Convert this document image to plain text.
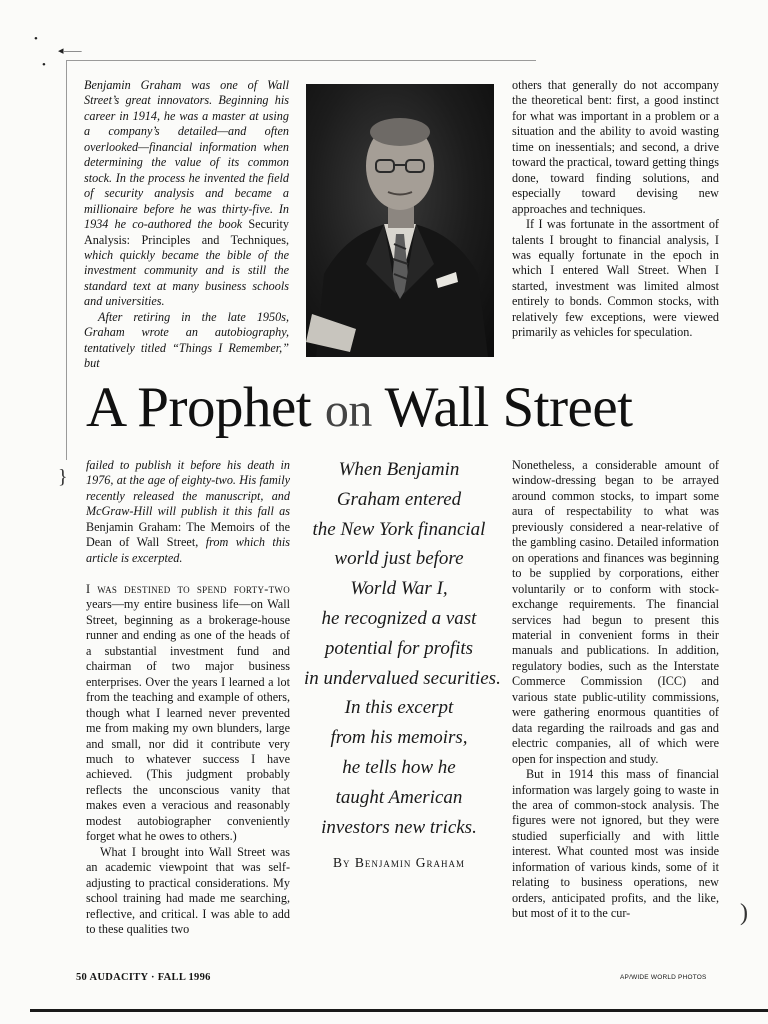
•
◂⸺
•

Benjamin Graham was one of Wall Street’s great innovators. Beginning his career in 1914, he was a master at using a company’s detailed—and often overlooked—financial information when determining the value of its common stock. In the process he invented the field of security analysis and became a millionaire before he was thirty-five. In 1934 he co-authored the book Security Analysis: Principles and Techniques, which quickly became the bible of the investment community and is still the standard text at many business schools and universities.

After retiring in the late 1950s, Graham wrote an autobiography, tentatively titled “Things I Remember,” but

others that generally do not accompany the theoretical bent: first, a good instinct for what was important in a problem or a situation and the ability to avoid wasting time on inessentials; and second, a drive toward the practical, toward getting things done, toward finding solutions, and especially toward devising new approaches and techniques.

If I was fortunate in the assortment of talents I brought to financial analysis, I was equally fortunate in the epoch in which I entered Wall Street. When I started, investment was limited almost entirely to bonds. Common stocks, with relatively few exceptions, were viewed primarily as vehicles for speculation.

A Prophet on Wall Street

failed to publish it before his death in 1976, at the age of eighty-two. His family recently released the manuscript, and McGraw-Hill will publish it this fall as Benjamin Graham: The Memoirs of the Dean of Wall Street, from which this article is excerpted.

}

I was destined to spend forty-two years—my entire business life—on Wall Street, beginning as a brokerage-house runner and ending as one of the heads of a substantial investment fund and chairman of two major business enterprises. Over the years I learned a lot from the teaching and example of others, though what I learned never prevented me from making my own blunders, large and small, nor did it contribute very much to whatever success I have achieved. (This judgment probably reflects the unconscious vanity that makes even a veracious and reasonably modest autobiographer conveniently forget what he owes to others.)

What I brought into Wall Street was an academic viewpoint that was self-adjusting to practical considerations. My school training had made me searching, reflective, and critical. I was able to add to these qualities two

When Benjamin
Graham entered
the New York financial
world just before
World War I,
he recognized a vast
potential for profits
in undervalued securities.
In this excerpt
from his memoirs,
he tells how he
taught American
investors new tricks.
By Benjamin Graham

Nonetheless, a considerable amount of window-dressing began to be arrayed around common stocks, to impart some aura of respectability to what was previously considered a near-relative of the gambling casino. Detailed information on operations and finances was beginning to be supplied by corporations, either voluntarily or to conform with stock-exchange requirements. The financial services had begun to present this material in convenient forms in their manuals and publications. In addition, regulatory bodies, such as the Interstate Commerce Commission (ICC) and various state public-utility commissions, were gathering enormous quantities of data regarding the railroads and gas and electric companies, all of which were open for inspection and study.

But in 1914 this mass of financial information was largely going to waste in the area of common-stock analysis. The figures were not ignored, but they were studied superficially and with little interest. What counted most was inside information of various kinds, some of it relating to business operations, new orders, anticipated profits, and the like, but most of it to the cur-	)
50 AUDACITY · FALL 1996	AP/WIDE WORLD PHOTOS
